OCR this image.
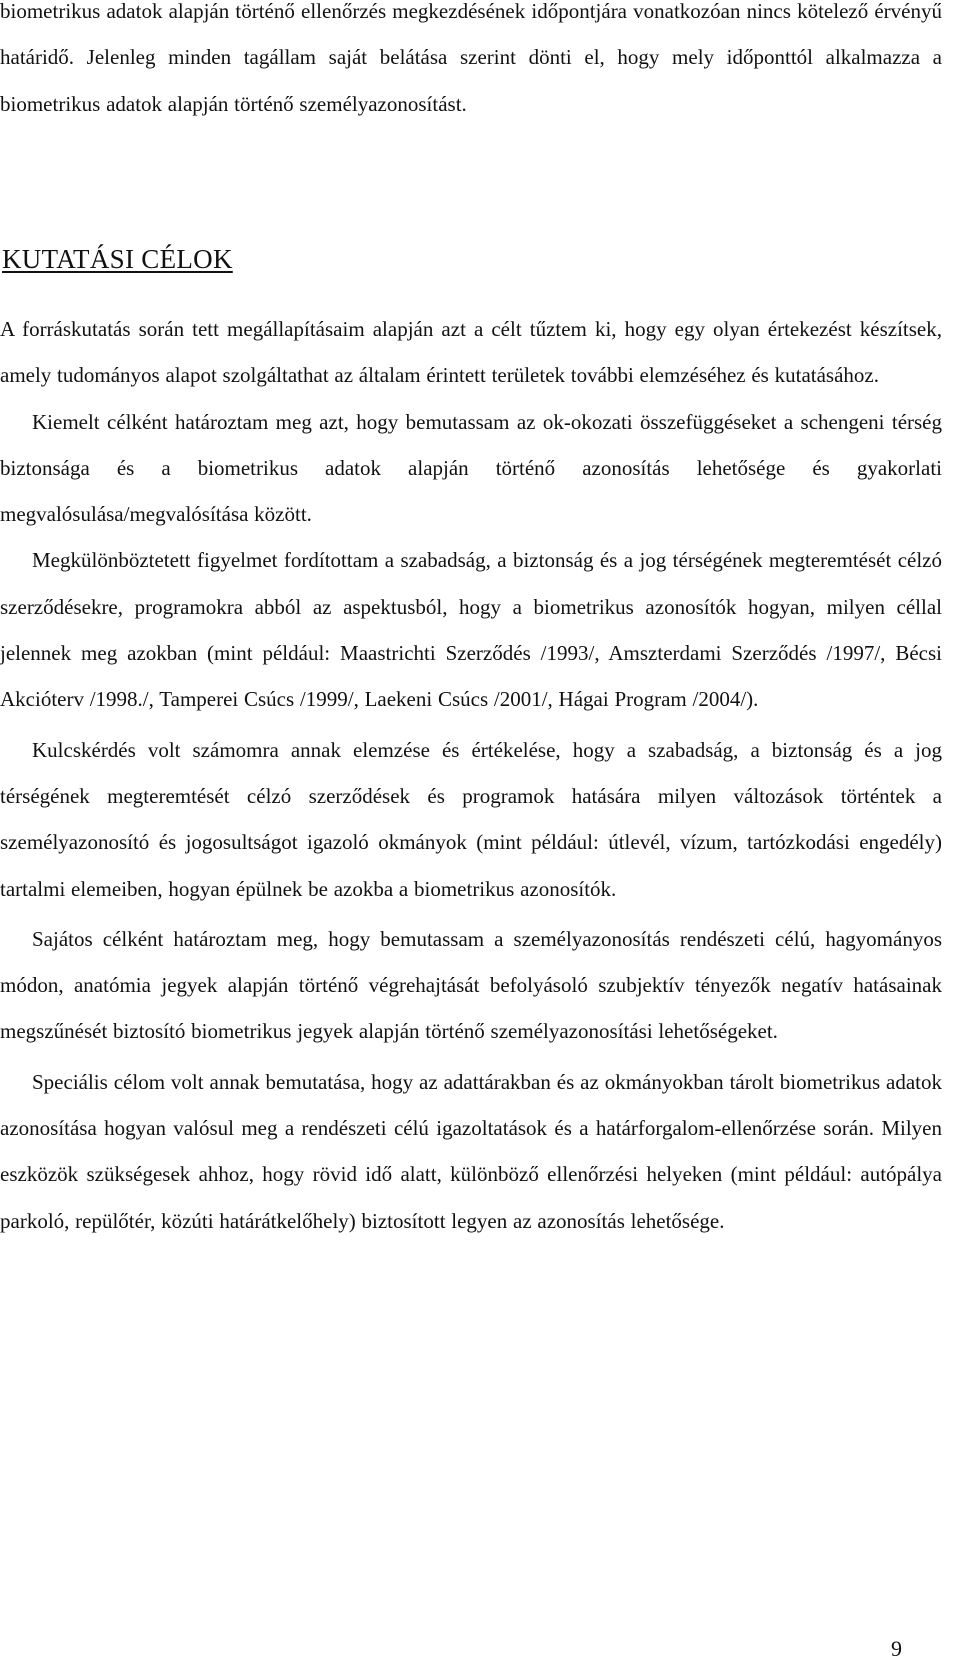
biometrikus adatok alapján történő ellenőrzés megkezdésének időpontjára vonatkozóan nincs kötelező érvényű határidő. Jelenleg minden tagállam saját belátása szerint dönti el, hogy mely időponttól alkalmazza a biometrikus adatok alapján történő személyazonosítást.

KUTATÁSI CÉLOK

A forráskutatás során tett megállapításaim alapján azt a célt tűztem ki, hogy egy olyan értekezést készítsek, amely tudományos alapot szolgáltathat az általam érintett területek további elemzéséhez és kutatásához.

Kiemelt célként határoztam meg azt, hogy bemutassam az ok-okozati összefüggéseket a schengeni térség biztonsága és a biometrikus adatok alapján történő azonosítás lehetősége és gyakorlati megvalósulása/megvalósítása között.

Megkülönböztetett figyelmet fordítottam a szabadság, a biztonság és a jog térségének megteremtését célzó szerződésekre, programokra abból az aspektusból, hogy a biometrikus azonosítók hogyan, milyen céllal jelennek meg azokban (mint például: Maastrichti Szerződés /1993/, Amszterdami Szerződés /1997/, Bécsi Akcióterv /1998./, Tamperei Csúcs /1999/, Laekeni Csúcs /2001/, Hágai Program /2004/).

Kulcskérdés volt számomra annak elemzése és értékelése, hogy a szabadság, a biztonság és a jog térségének megteremtését célzó szerződések és programok hatására milyen változások történtek a személyazonosító és jogosultságot igazoló okmányok (mint például: útlevél, vízum, tartózkodási engedély) tartalmi elemeiben, hogyan épülnek be azokba a biometrikus azonosítók.

Sajátos célként határoztam meg, hogy bemutassam a személyazonosítás rendészeti célú, hagyományos módon, anatómia jegyek alapján történő végrehajtását befolyásoló szubjektív tényezők negatív hatásainak megszűnését biztosító biometrikus jegyek alapján történő személyazonosítási lehetőségeket.

Speciális célom volt annak bemutatása, hogy az adattárakban és az okmányokban tárolt biometrikus adatok azonosítása hogyan valósul meg a rendészeti célú igazoltatások és a határforgalom-ellenőrzése során. Milyen eszközök szükségesek ahhoz, hogy rövid idő alatt, különböző ellenőrzési helyeken (mint például: autópálya parkoló, repülőtér, közúti határátkelőhely) biztosított legyen az azonosítás lehetősége.

9
